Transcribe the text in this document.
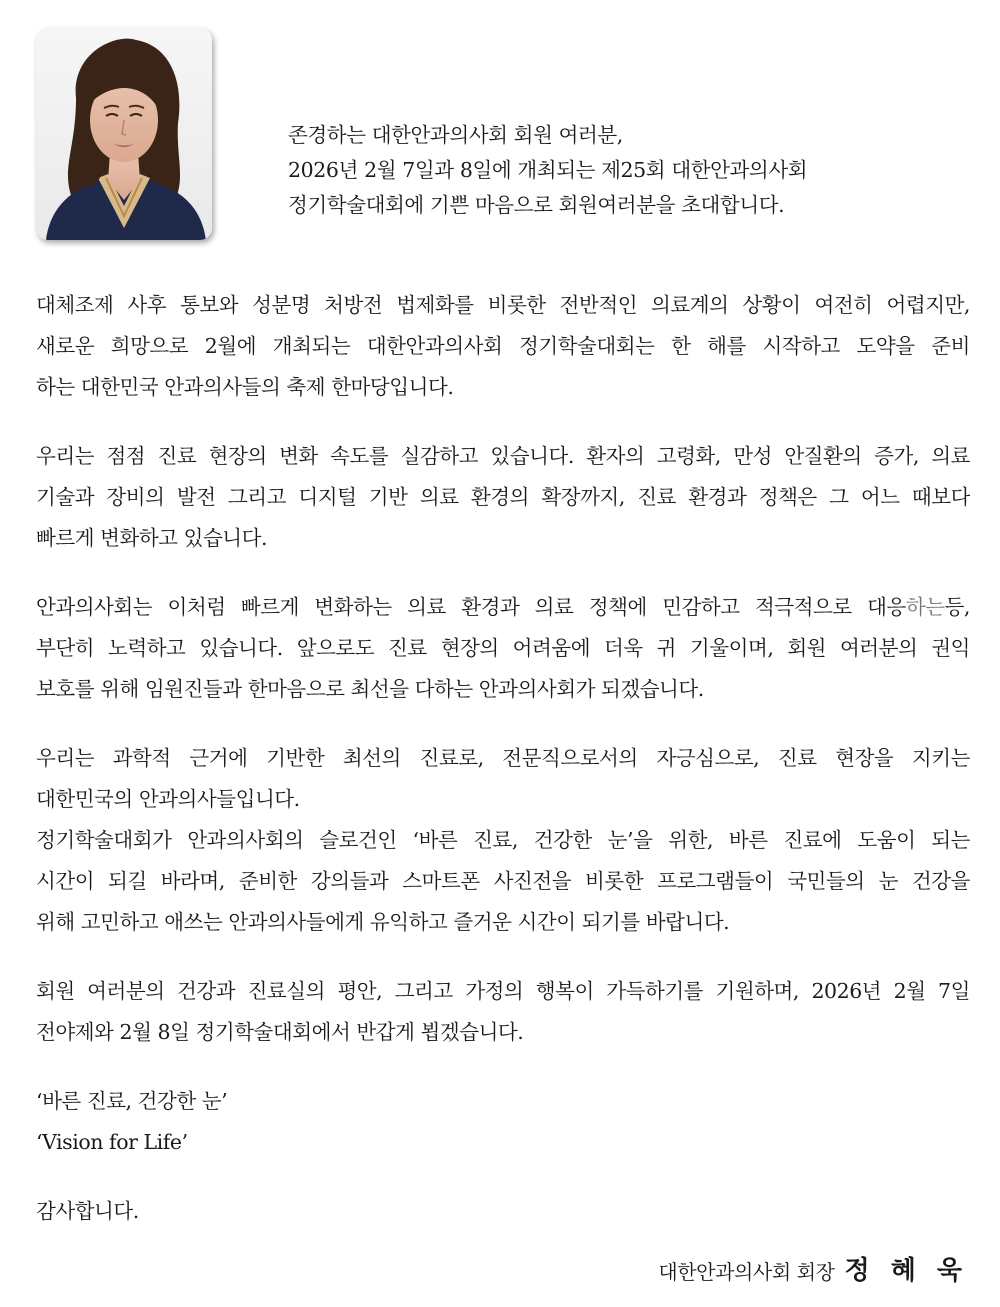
존경하는 대한안과의사회 회원 여러분,

2026년 2월 7일과 8일에 개최되는 제25회 대한안과의사회

정기학술대회에 기쁜 마음으로 회원여러분을 초대합니다.

대체조제 사후 통보와 성분명 처방전 법제화를 비롯한 전반적인 의료계의 상황이 여전히 어렵지만,
새로운 희망으로 2월에 개최되는 대한안과의사회 정기학술대회는 한 해를 시작하고 도약을 준비
하는 대한민국 안과의사들의 축제 한마당입니다.
우리는 점점 진료 현장의 변화 속도를 실감하고 있습니다. 환자의 고령화, 만성 안질환의 증가, 의료
기술과 장비의 발전 그리고 디지털 기반 의료 환경의 확장까지, 진료 환경과 정책은 그 어느 때보다
빠르게 변화하고 있습니다.
안과의사회는 이처럼 빠르게 변화하는 의료 환경과 의료 정책에 민감하고 적극적으로 대응하는등,
부단히 노력하고 있습니다. 앞으로도 진료 현장의 어려움에 더욱 귀 기울이며, 회원 여러분의 권익
보호를 위해 임원진들과 한마음으로 최선을 다하는 안과의사회가 되겠습니다.
우리는 과학적 근거에 기반한 최선의 진료로, 전문직으로서의 자긍심으로, 진료 현장을 지키는
대한민국의 안과의사들입니다.
정기학술대회가 안과의사회의 슬로건인 ‘바른 진료, 건강한 눈’을 위한, 바른 진료에 도움이 되는
시간이 되길 바라며, 준비한 강의들과 스마트폰 사진전을 비롯한 프로그램들이 국민들의 눈 건강을
위해 고민하고 애쓰는 안과의사들에게 유익하고 즐거운 시간이 되기를 바랍니다.
회원 여러분의 건강과 진료실의 평안, 그리고 가정의 행복이 가득하기를 기원하며, 2026년 2월 7일
전야제와 2월 8일 정기학술대회에서 반갑게 뵙겠습니다.
‘바른 진료, 건강한 눈’
‘Vision for Life’
감사합니다.
대한안과의사회 회장 정 혜 욱
